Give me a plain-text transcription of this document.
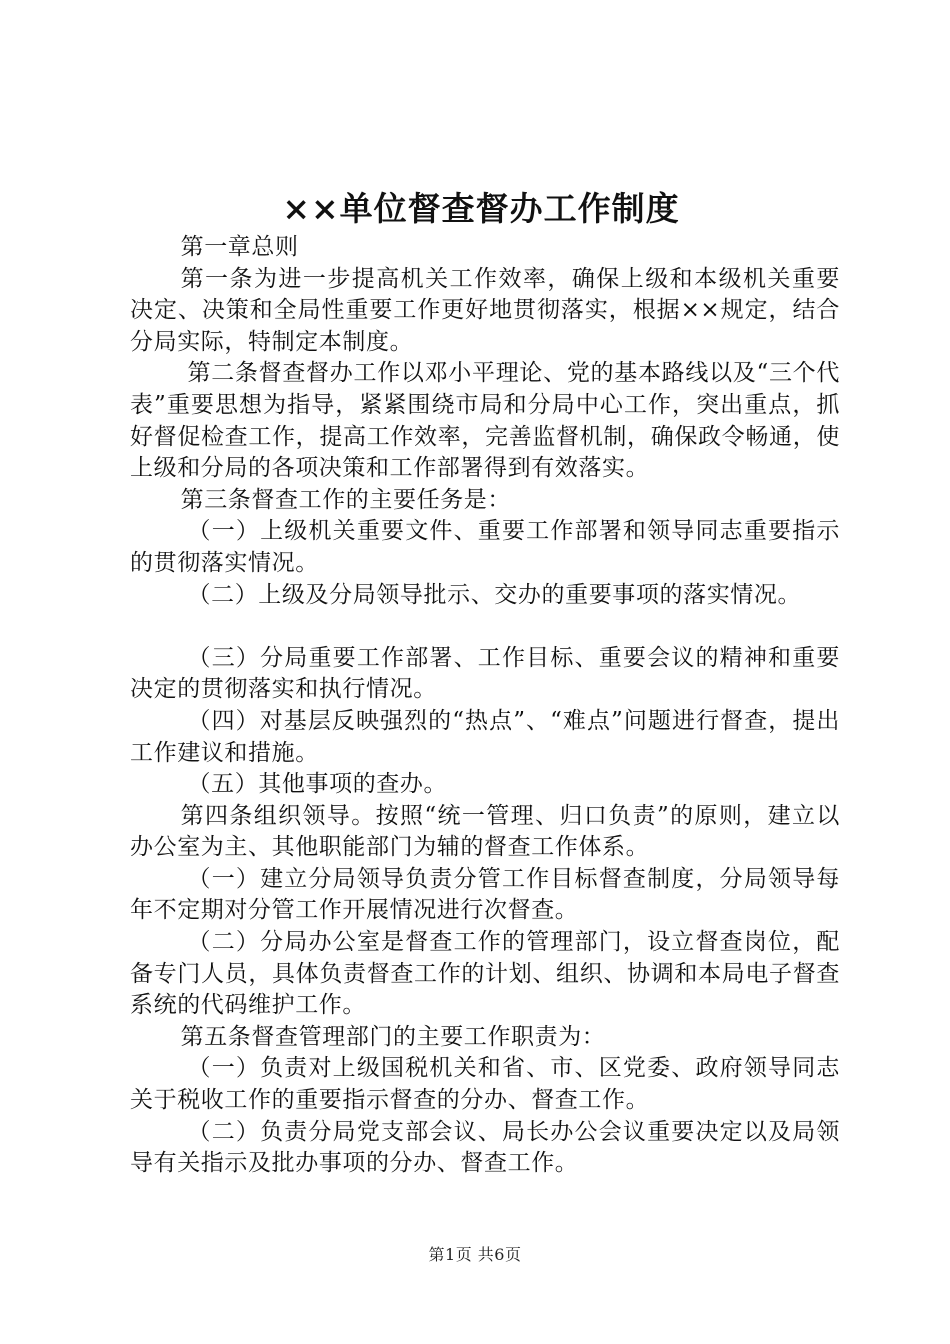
××单位督查督办工作制度

第一章总则

第一条为进一步提高机关工作效率，确保上级和本级机关重要决定、决策和全局性重要工作更好地贯彻落实，根据××规定，结合分局实际，特制定本制度。

第二条督查督办工作以邓小平理论、党的基本路线以及“三个代表”重要思想为指导，紧紧围绕市局和分局中心工作，突出重点，抓好督促检查工作，提高工作效率，完善监督机制，确保政令畅通，使上级和分局的各项决策和工作部署得到有效落实。

第三条督查工作的主要任务是：

（一）上级机关重要文件、重要工作部署和领导同志重要指示的贯彻落实情况。

（二）上级及分局领导批示、交办的重要事项的落实情况。

（三）分局重要工作部署、工作目标、重要会议的精神和重要决定的贯彻落实和执行情况。

（四）对基层反映强烈的“热点”、“难点”问题进行督查，提出工作建议和措施。

（五）其他事项的查办。

第四条组织领导。按照“统一管理、归口负责”的原则，建立以办公室为主、其他职能部门为辅的督查工作体系。

（一）建立分局领导负责分管工作目标督查制度，分局领导每年不定期对分管工作开展情况进行次督查。

（二）分局办公室是督查工作的管理部门，设立督查岗位，配备专门人员，具体负责督查工作的计划、组织、协调和本局电子督查系统的代码维护工作。

第五条督查管理部门的主要工作职责为：

（一）负责对上级国税机关和省、市、区党委、政府领导同志关于税收工作的重要指示督查的分办、督查工作。

（二）负责分局党支部会议、局长办公会议重要决定以及局领导有关指示及批办事项的分办、督查工作。

第1页 共6页
